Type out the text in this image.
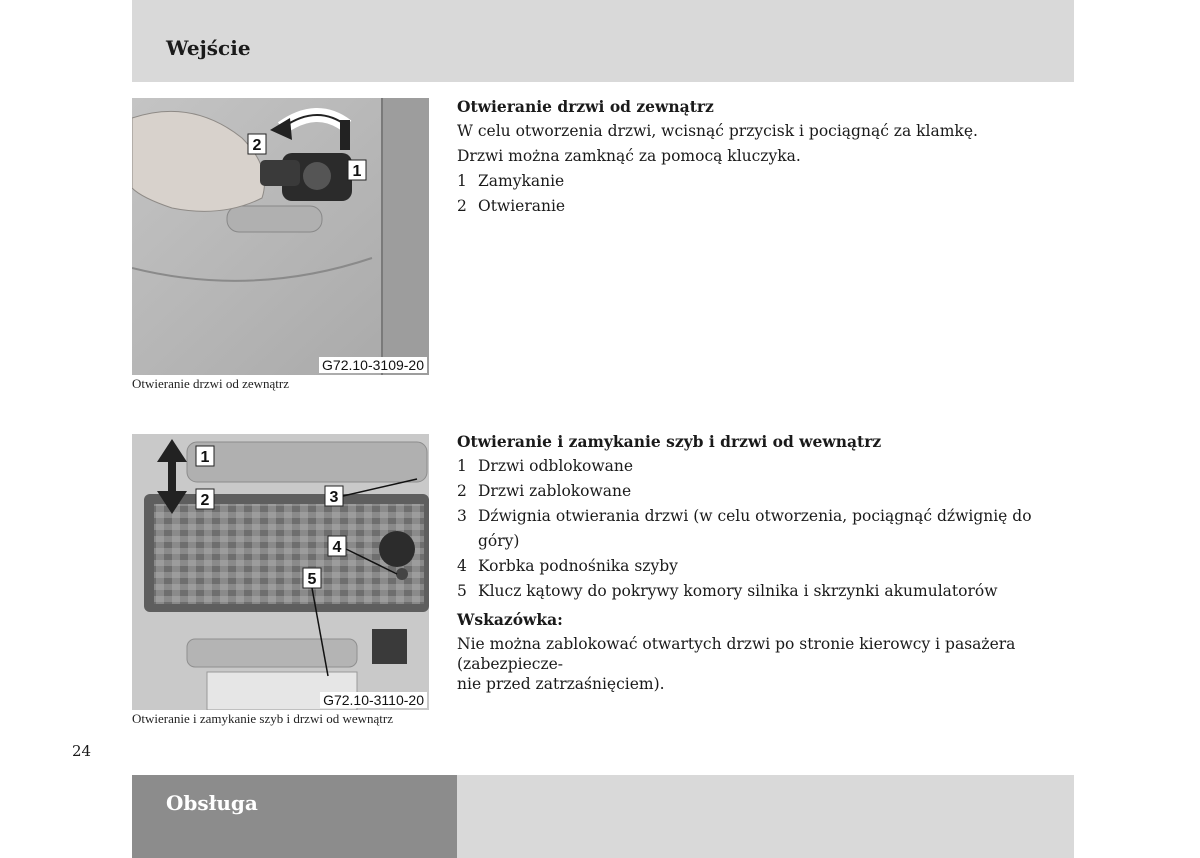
Wejście
2
1
G72.10-3109-20
Otwieranie drzwi od zewnątrz
Otwieranie drzwi od zewnątrz

W celu otworzenia drzwi, wcisnąć przycisk i pociągnąć za klamkę.

Drzwi można zamknąć za pomocą kluczyka.

1 Zamykanie
2 Otwieranie
1
2	3
4
5
G72.10-3110-20
Otwieranie i zamykanie szyb i drzwi od wewnątrz
Otwieranie i zamykanie szyb i drzwi od wewnątrz
1 Drzwi odblokowane
2 Drzwi zablokowane
3 Dźwignia otwierania drzwi (w celu otworzenia, pociągnąć dźwignię do góry)
4 Korbka podnośnika szyby
5 Klucz kątowy do pokrywy komory silnika i skrzynki akumulatorów
Wskazówka:
Nie można zablokować otwartych drzwi po stronie kierowcy i pasażera (zabezpiecze-
nie przed zatrzaśnięciem).
24
Obsługa
